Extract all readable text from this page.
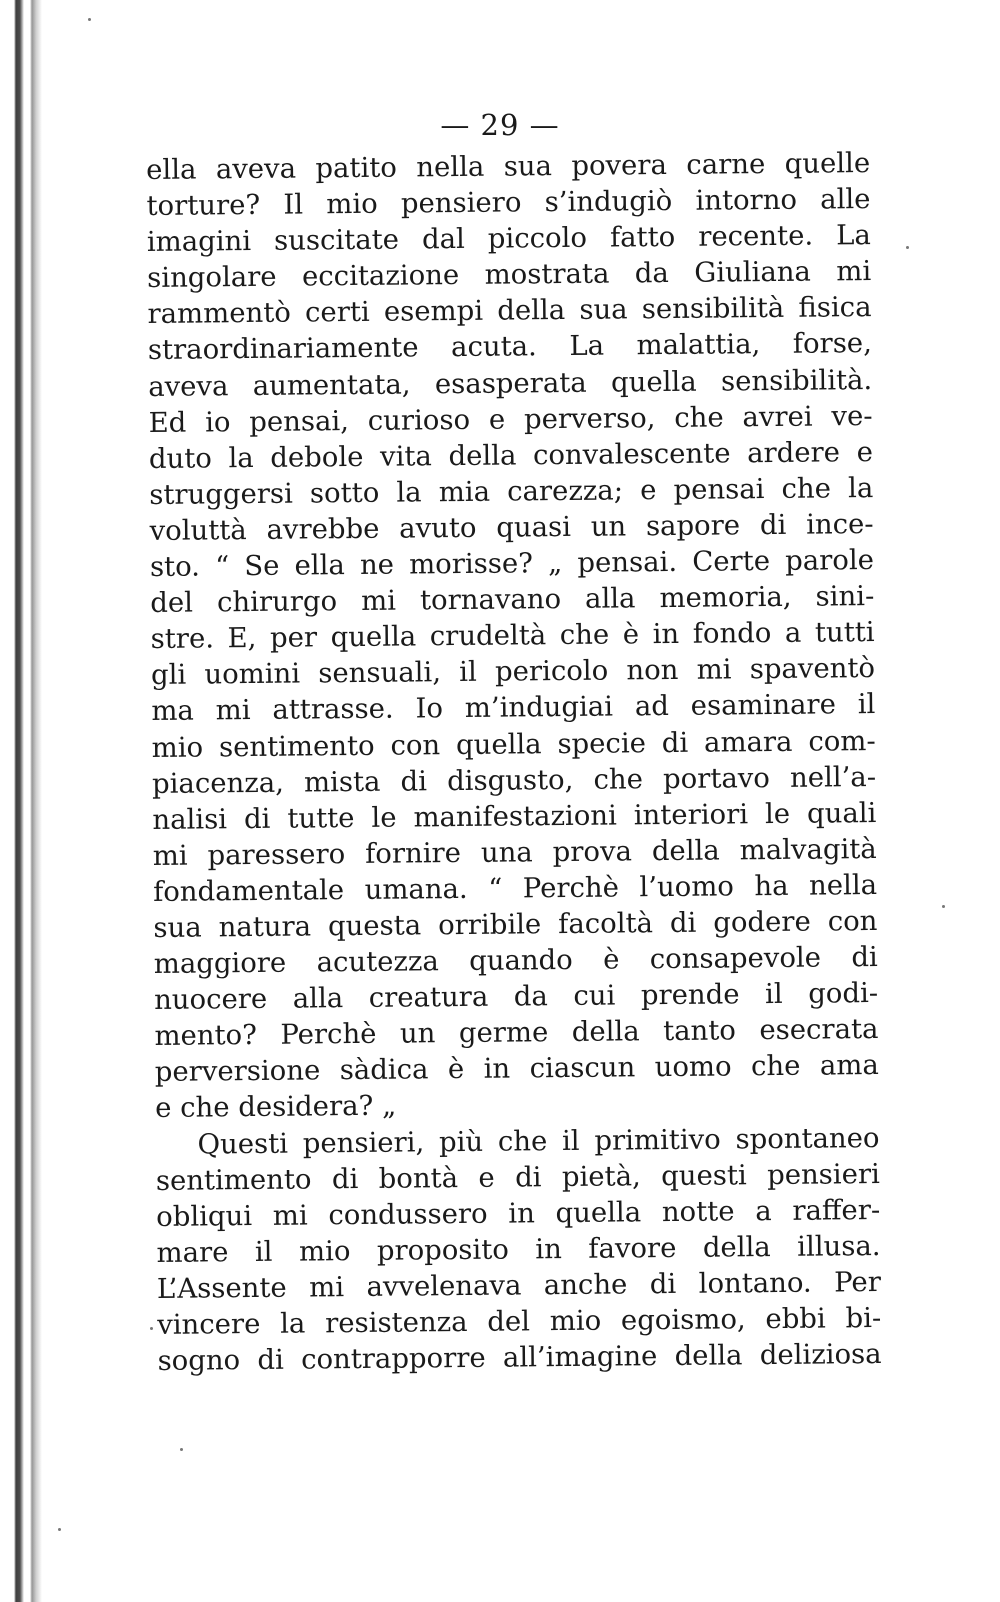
— 29 —
ella aveva patito nella sua povera carne quelle
torture? Il mio pensiero s’indugiò intorno alle
imagini suscitate dal piccolo fatto recente. La
singolare eccitazione mostrata da Giuliana mi
rammentò certi esempi della sua sensibilità fisica
straordinariamente acuta. La malattia, forse,
aveva aumentata, esasperata quella sensibilità.
Ed io pensai, curioso e perverso, che avrei ve-
duto la debole vita della convalescente ardere e
struggersi sotto la mia carezza; e pensai che la
voluttà avrebbe avuto quasi un sapore di ince-
sto. “ Se ella ne morisse? „ pensai. Certe parole
del chirurgo mi tornavano alla memoria, sini-
stre. E, per quella crudeltà che è in fondo a tutti
gli uomini sensuali, il pericolo non mi spaventò
ma mi attrasse. Io m’indugiai ad esaminare il
mio sentimento con quella specie di amara com-
piacenza, mista di disgusto, che portavo nell’a-
nalisi di tutte le manifestazioni interiori le quali
mi paressero fornire una prova della malvagità
fondamentale umana. “ Perchè l’uomo ha nella
sua natura questa orribile facoltà di godere con
maggiore acutezza quando è consapevole di
nuocere alla creatura da cui prende il godi-
mento? Perchè un germe della tanto esecrata
perversione sàdica è in ciascun uomo che ama
e che desidera? „
Questi pensieri, più che il primitivo spontaneo
sentimento di bontà e di pietà, questi pensieri
obliqui mi condussero in quella notte a raffer-
mare il mio proposito in favore della illusa.
L’Assente mi avvelenava anche di lontano. Per
vincere la resistenza del mio egoismo, ebbi bi-
sogno di contrapporre all’imagine della deliziosa
